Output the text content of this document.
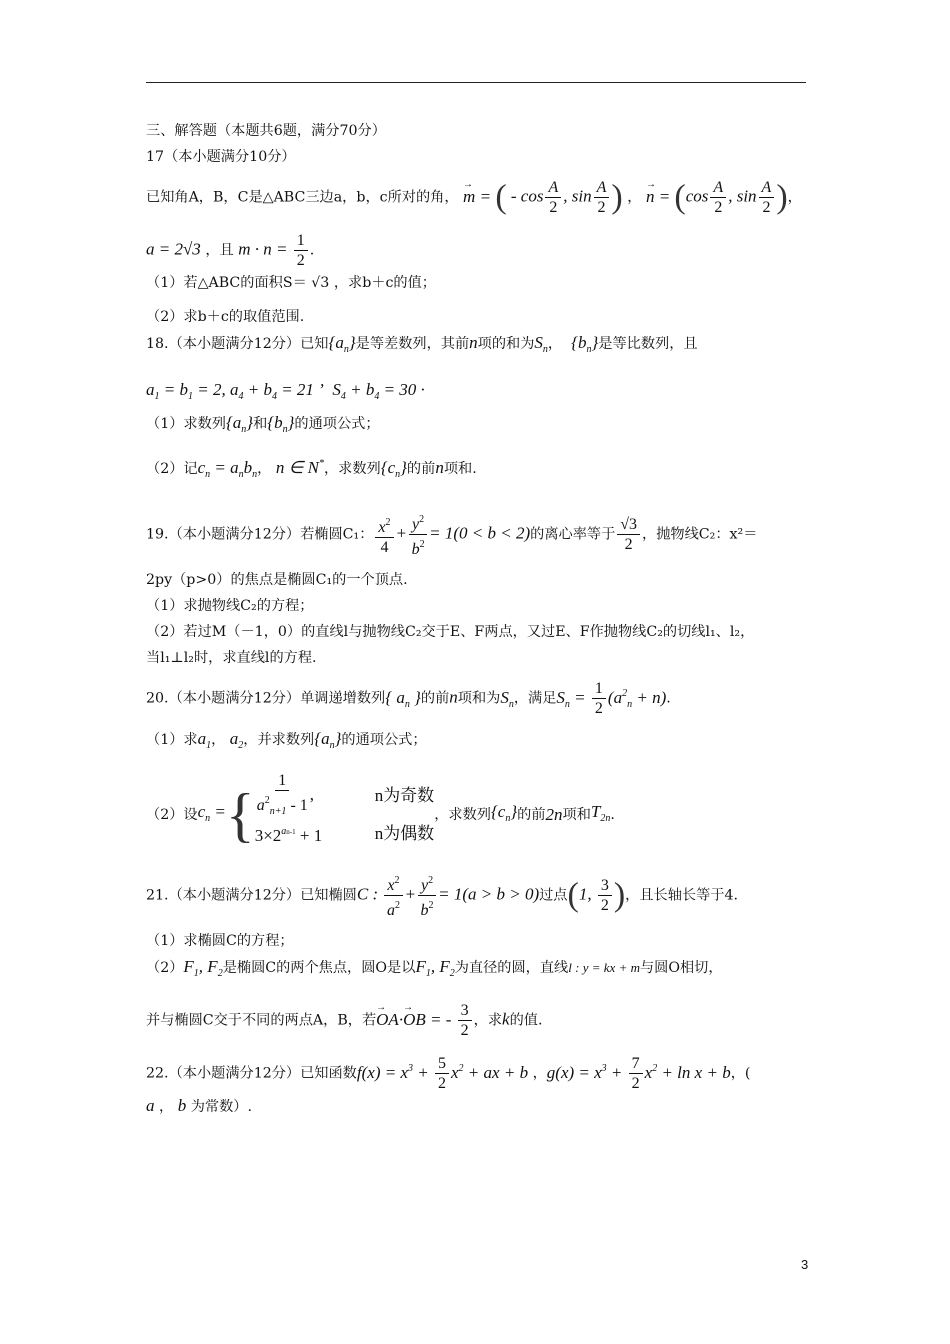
三、解答题（本题共6题，满分70分）
17（本小题满分10分）
已知角A，B，C是△ABC三边a，b，c所对的角， → m = ( - $\cos \frac{A}{2}$ , $\sin \frac{A}{2}$ ) ， → $n = (\cos \frac{A}{2}$ , $\sin \frac{A}{2}$ )，
a = 2√3 ，且 $m \cdot n = \frac{1}{2}$ .
（1）若△ABC的面积S＝ √3 ，求b＋c的值；
（2）求b＋c的取值范围.
18.（本小题满分12分）已知$\{a_n\}$是等差数列，其前n项的和为$S_n$，  $\{b_n\}$是等比数列，且
$a_1 = b_1 = 2$, $a_4 + b_4 = 21$ ’  $S_4 + b_4 = 30$ ·
（1）求数列$\{a_n\}$和$\{b_n\}$的通项公式；
（2）记$c_n = a_nb_n$， n ∈ N*，求数列$\{c_n\}$的前n项和.
19.（本小题满分12分）若椭圆C₁： $\frac{x^2}{4} + \frac{y^2}{b^2} = 1(0 < b < 2)$的离心率等于 $\frac{√3}{2}$ ，抛物线C₂：x²＝
2py（p>0）的焦点是椭圆C₁的一个顶点.
（1）求抛物线C₂的方程；
（2）若过M（－1，0）的直线l与抛物线C₂交于E、F两点，又过E、F作抛物线C₂的切线l₁、l₂，
当l₁⊥l₂时，求直线l的方程.
20.（本小题满分12分）单调递增数列{ $a_n$ }的前n项和为$S_n$，满足$S_n = \frac{1}{2} (a^2_n + n)$.
（1）求$a_1$， $a_2$，并求数列$\{a_n\}$的通项公式；
（2）设 $c_n$ = { $\frac{1}{a^2_{n+1} - 1}$ ,	n为奇数
$3\times 2^{an-1} + 1$	n为偶数
，求数列 $\{c_n\}$ 的前 2n 项和 $T_{2n}$ .
21.（本小题满分12分）已知椭圆C : $\frac{x^2}{a^2} + \frac{y^2}{b^2} = 1(a > b > 0)$过点(1, $\frac{3}{2}$ )，且长轴长等于4.
（1）求椭圆C的方程；
$(2)F_1$, $F_2$是椭圆C的两个焦点，圆O是以$F_1$, $F_2$为直径的圆，直线l : y = kx + m与圆O相切，
并与椭圆C交于不同的两点A，B，若→ OA·→ OB = - $\frac{3}{2}$ ，求k的值.
22.（本小题满分12分）已知函数$f(x) = x^3 + \frac{5}{2} x^2$ + ax + b ，$g(x) = x^3 + \frac{7}{2} x^2 + \ln x + b$，(
a ， b 为常数）.
3
